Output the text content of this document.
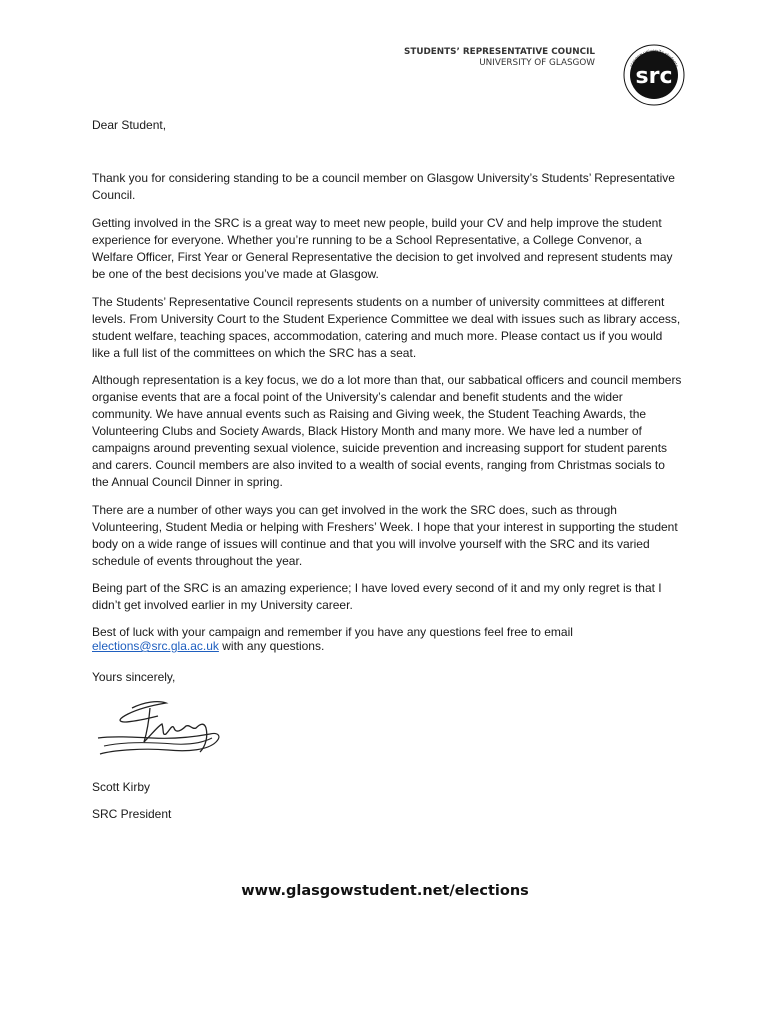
STUDENTS’ REPRESENTATIVE COUNCIL
UNIVERSITY OF GLASGOW	glasgow university students
src

Dear Student,

Thank you for considering standing to be a council member on Glasgow University’s Students’ Representative Council.

Getting involved in the SRC is a great way to meet new people, build your CV and help improve the student experience for everyone. Whether you’re running to be a School Representative, a College Convenor, a Welfare Officer, First Year or General Representative the decision to get involved and represent students may be one of the best decisions you’ve made at Glasgow.

The Students’ Representative Council represents students on a number of university committees at different levels. From University Court to the Student Experience Committee we deal with issues such as library access, student welfare, teaching spaces, accommodation, catering and much more. Please contact us if you would like a full list of the committees on which the SRC has a seat.

Although representation is a key focus, we do a lot more than that, our sabbatical officers and council members organise events that are a focal point of the University’s calendar and benefit students and the wider community. We have annual events such as Raising and Giving week, the Student Teaching Awards, the Volunteering Clubs and Society Awards, Black History Month and many more. We have led a number of campaigns around preventing sexual violence, suicide prevention and increasing support for student parents and carers. Council members are also invited to a wealth of social events, ranging from Christmas socials to the Annual Council Dinner in spring.

There are a number of other ways you can get involved in the work the SRC does, such as through Volunteering, Student Media or helping with Freshers’ Week. I hope that your interest in supporting the student body on a wide range of issues will continue and that you will involve yourself with the SRC and its varied schedule of events throughout the year.

Being part of the SRC is an amazing experience; I have loved every second of it and my only regret is that I didn’t get involved earlier in my University career.

Best of luck with your campaign and remember if you have any questions feel free to email
elections@src.gla.ac.uk with any questions.

Yours sincerely,

Scott Kirby

SRC President

www.glasgowstudent.net/elections
